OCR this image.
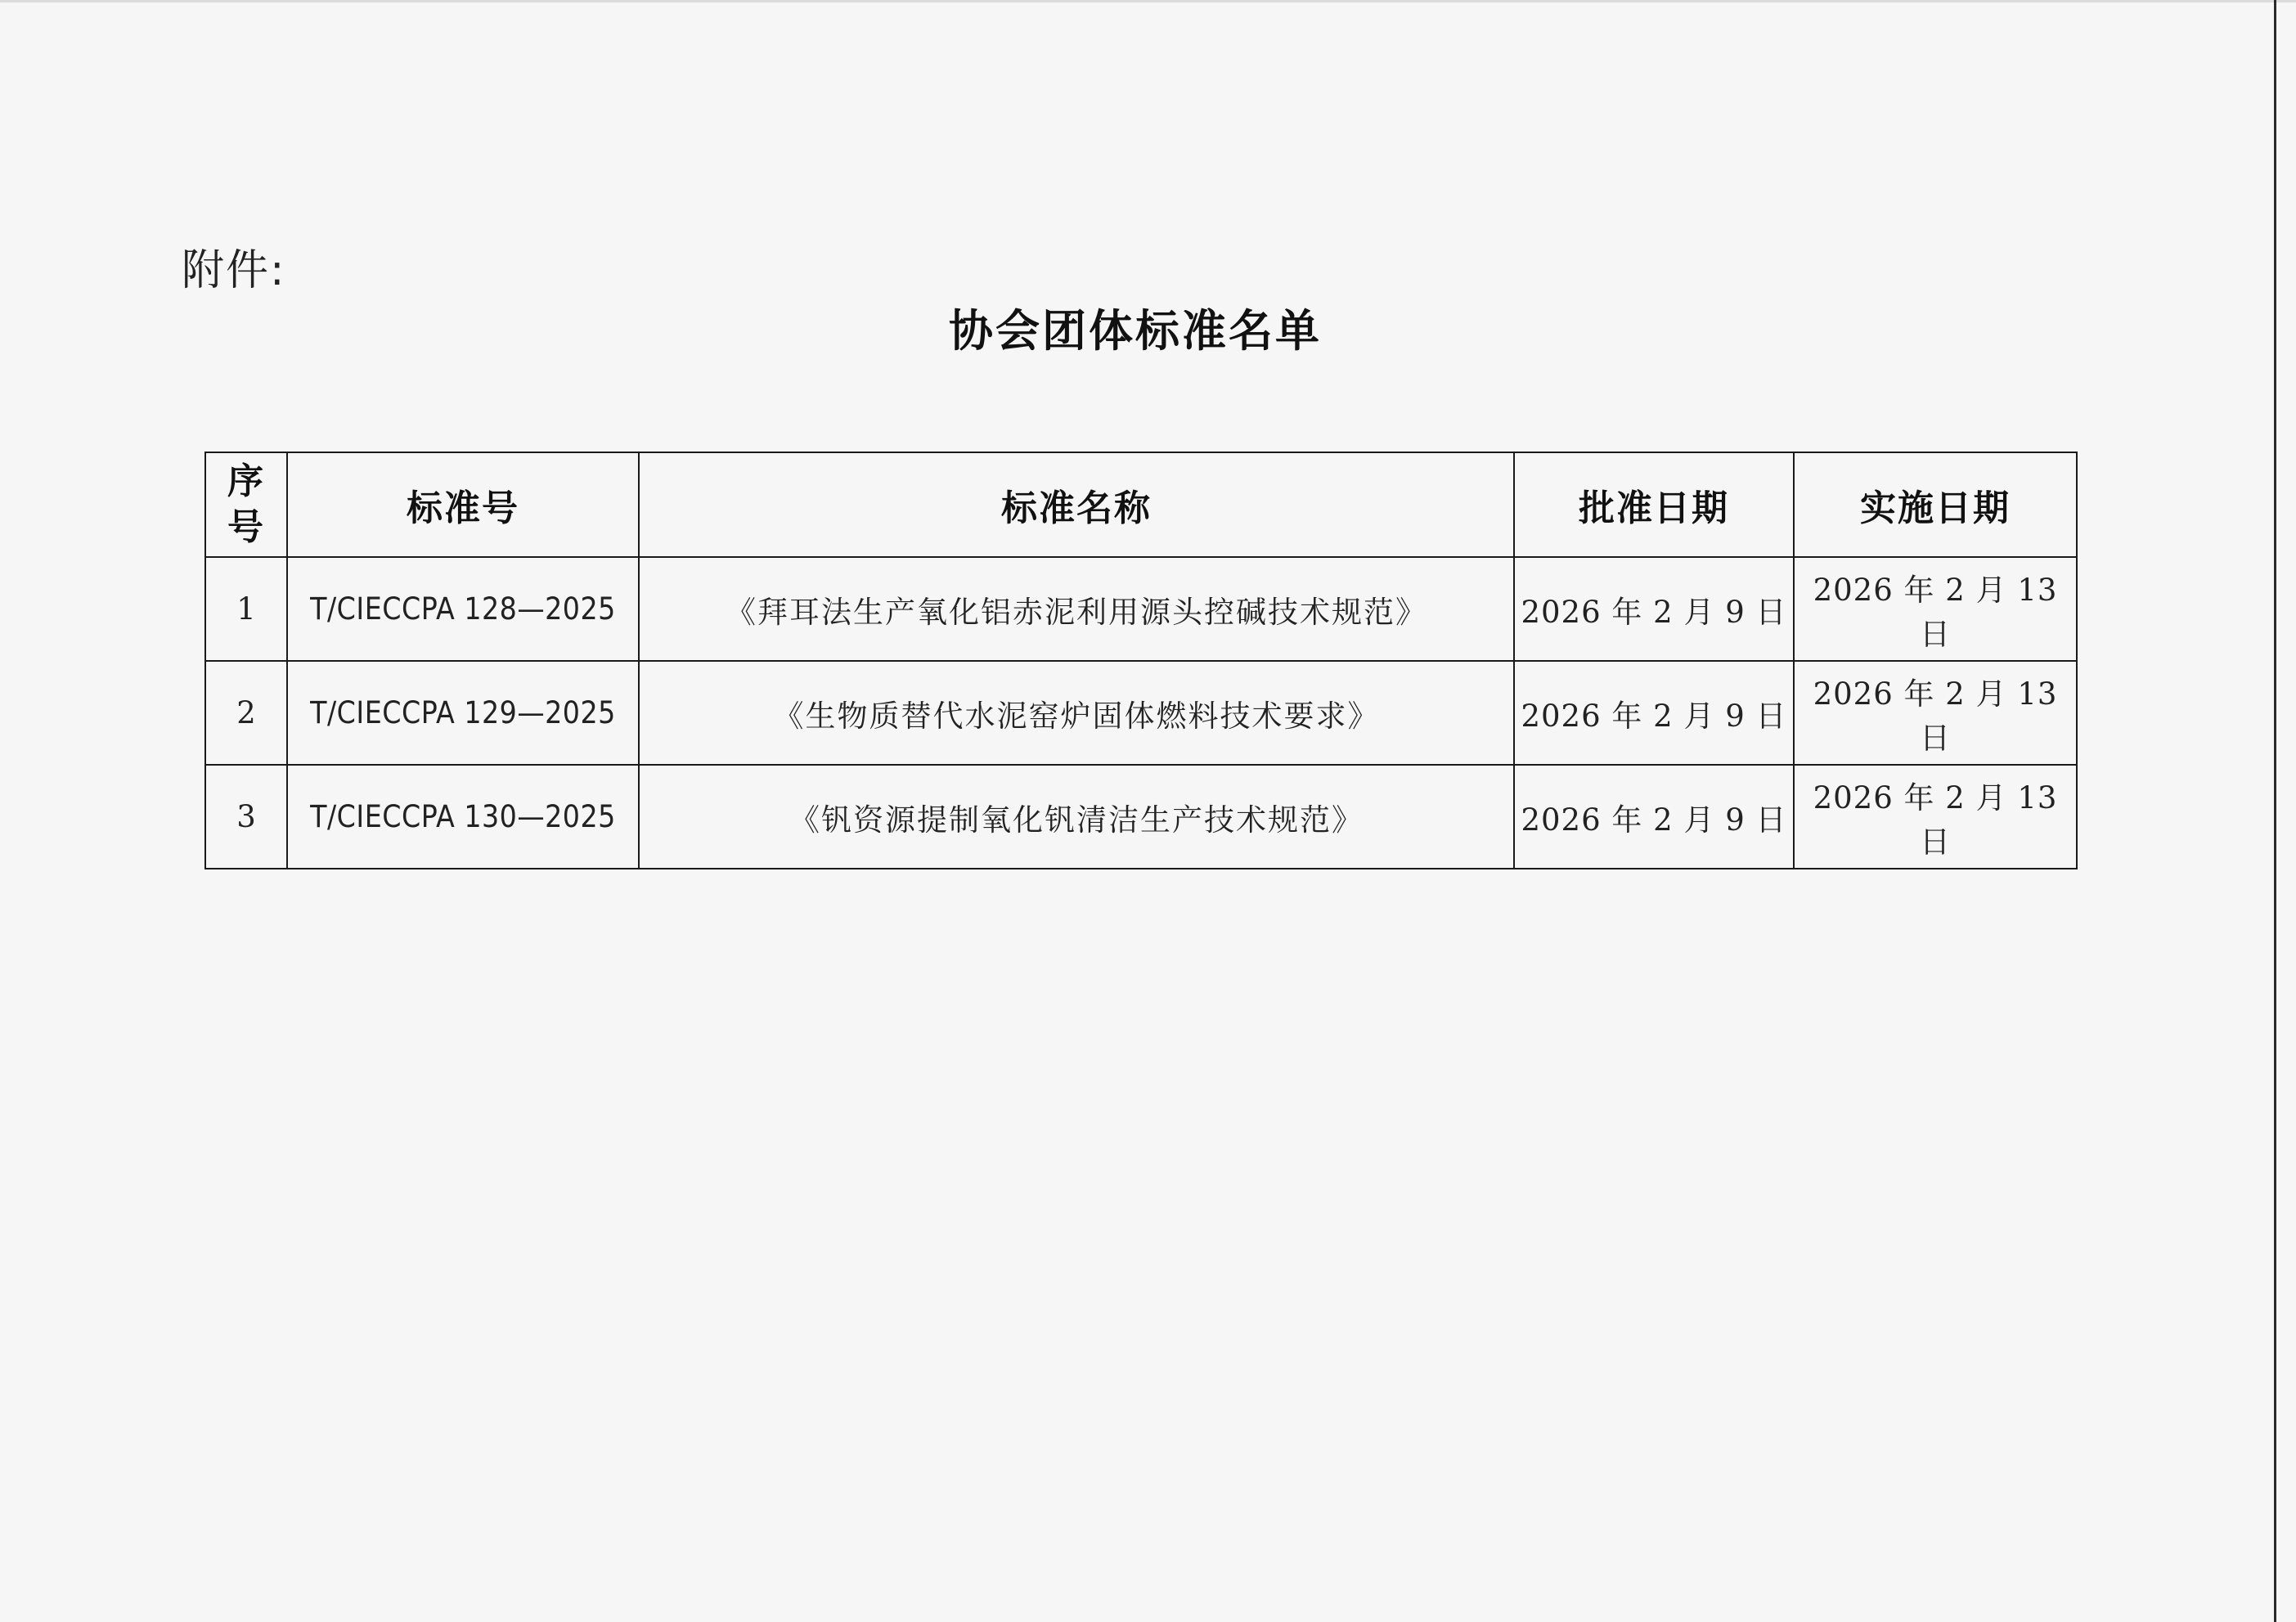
附件:
协会团体标准名单
序
号	标准号	标准名称	批准日期	实施日期
1	T/CIECCPA 128—2025	《拜耳法生产氧化铝赤泥利用源头控碱技术规范》	2026 年 2 月 9 日	2026 年 2 月 13 日
2	T/CIECCPA 129—2025	《生物质替代水泥窑炉固体燃料技术要求》	2026 年 2 月 9 日	2026 年 2 月 13 日
3	T/CIECCPA 130—2025	《钒资源提制氧化钒清洁生产技术规范》	2026 年 2 月 9 日	2026 年 2 月 13 日
